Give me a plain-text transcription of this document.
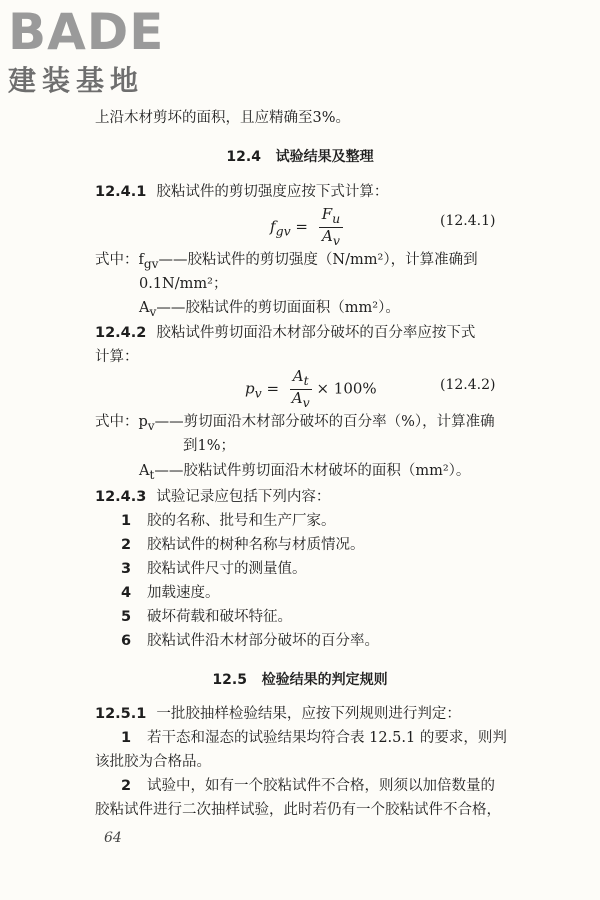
BADE
建装基地
上沿木材剪坏的面积，且应精确至3%。
12.4 试验结果及整理
12.4.1 胶粘试件的剪切强度应按下式计算：
$f_{gv} = \frac{F_u}{A_v}$	(12.4.1)
式中：$f_{gv}——$胶粘试件的剪切强度（N/mm²），计算准确到
0.1N/mm²；
$A_v——$胶粘试件的剪切面面积（mm²）。
12.4.2 胶粘试件剪切面沿木材部分破坏的百分率应按下式
计算：
$p_v = \frac{A_t}{A_v} \times 100\%$	(12.4.2)
式中：$p_v——$剪切面沿木材部分破坏的百分率（%），计算准确
到1%；
$A_t——$胶粘试件剪切面沿木材破坏的面积（mm²）。
12.4.3 试验记录应包括下列内容：
1 胶的名称、批号和生产厂家。
2 胶粘试件的树种名称与材质情况。
3 胶粘试件尺寸的测量值。
4 加载速度。
5 破坏荷载和破坏特征。
6 胶粘试件沿木材部分破坏的百分率。
12.5 检验结果的判定规则
12.5.1 一批胶抽样检验结果，应按下列规则进行判定：
1 若干态和湿态的试验结果均符合表 12.5.1 的要求，则判
该批胶为合格品。
2 试验中，如有一个胶粘试件不合格，则须以加倍数量的
胶粘试件进行二次抽样试验，此时若仍有一个胶粘试件不合格，
64
